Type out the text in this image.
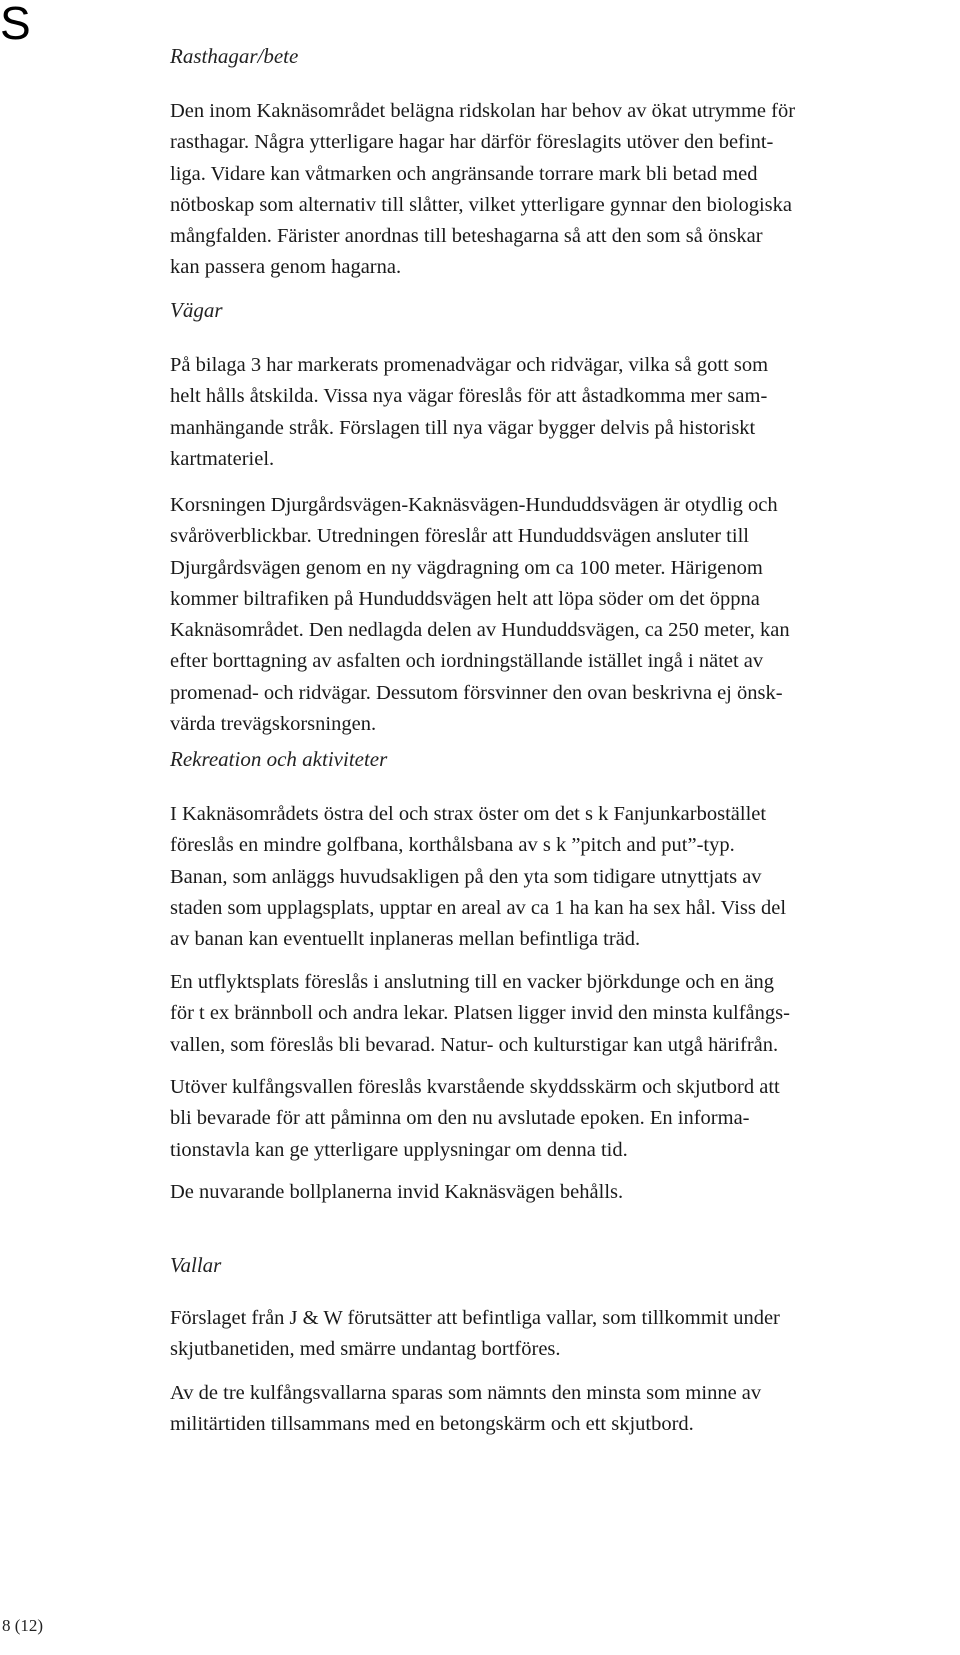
S
Rasthagar/bete
Den inom Kaknäsområdet belägna ridskolan har behov av ökat utrymme för
rasthagar. Några ytterligare hagar har därför föreslagits utöver den befint-
liga. Vidare kan våtmarken och angränsande torrare mark bli betad med
nötboskap som alternativ till slåtter, vilket ytterligare gynnar den biologiska
mångfalden. Färister anordnas till beteshagarna så att den som så önskar
kan passera genom hagarna.
Vägar
På bilaga 3 har markerats promenadvägar och ridvägar, vilka så gott som
helt hålls åtskilda. Vissa nya vägar föreslås för att åstadkomma mer sam-
manhängande stråk. Förslagen till nya vägar bygger delvis på historiskt
kartmateriel.
Korsningen Djurgårdsvägen-Kaknäsvägen-Hunduddsvägen är otydlig och
svåröverblickbar. Utredningen föreslår att Hunduddsvägen ansluter till
Djurgårdsvägen genom en ny vägdragning om ca 100 meter. Härigenom
kommer biltrafiken på Hunduddsvägen helt att löpa söder om det öppna
Kaknäsområdet. Den nedlagda delen av Hunduddsvägen, ca 250 meter, kan
efter borttagning av asfalten och iordningställande istället ingå i nätet av
promenad- och ridvägar. Dessutom försvinner den ovan beskrivna ej önsk-
värda trevägskorsningen.
Rekreation och aktiviteter
I Kaknäsområdets östra del och strax öster om det s k Fanjunkarbostället
föreslås en mindre golfbana, korthålsbana av s k ”pitch and put”-typ.
Banan, som anläggs huvudsakligen på den yta som tidigare utnyttjats av
staden som upplagsplats, upptar en areal av ca 1 ha kan ha sex hål. Viss del
av banan kan eventuellt inplaneras mellan befintliga träd.
En utflyktsplats föreslås i anslutning till en vacker björkdunge och en äng
för t ex brännboll och andra lekar. Platsen ligger invid den minsta kulfångs-
vallen, som föreslås bli bevarad. Natur- och kulturstigar kan utgå härifrån.
Utöver kulfångsvallen föreslås kvarstående skyddsskärm och skjutbord att
bli bevarade för att påminna om den nu avslutade epoken. En informa-
tionstavla kan ge ytterligare upplysningar om denna tid.
De nuvarande bollplanerna invid Kaknäsvägen behålls.
Vallar
Förslaget från J & W förutsätter att befintliga vallar, som tillkommit under
skjutbanetiden, med smärre undantag bortföres.
Av de tre kulfångsvallarna sparas som nämnts den minsta som minne av
militärtiden tillsammans med en betongskärm och ett skjutbord.
8 (12)
